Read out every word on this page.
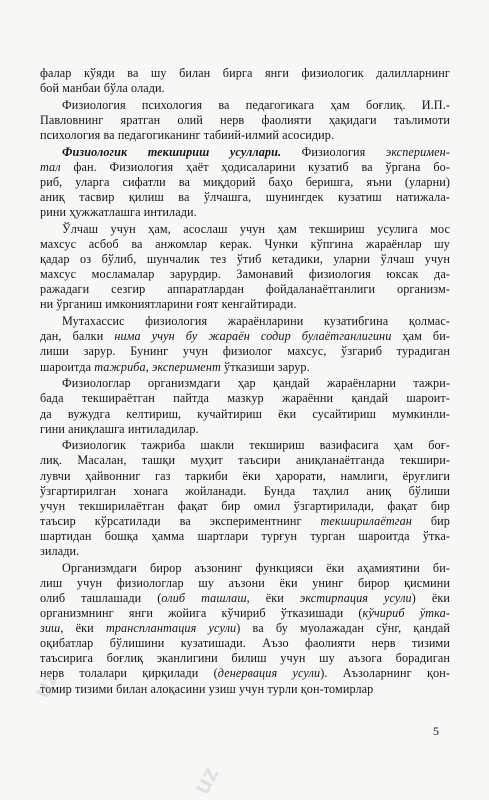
фалар кўяди ва шу билан бирга янги физиологик далилларнинг
бой манбаи бўла олади.
Физиология психология ва педагогикага ҳам боғлиқ. И.П.-
Павловнинг яратган олий нерв фаолияти ҳақидаги таълимоти
психология ва педагогиканинг табиий-илмий асосидир.
Физиологик текшириш усуллари. Физиология эксперимен-
тал фан. Физиология ҳаёт ҳодисаларини кузатиб ва ўргана бо-
риб, уларга сифатли ва миқдорий баҳо беришга, яъни (уларни)
аниқ тасвир қилиш ва ўлчашга, шунингдек кузатиш натижала-
рини ҳужжатлашга интилади.
Ўлчаш учун ҳам, асослаш учун ҳам текшириш усулига мос
махсус асбоб ва анжомлар керак. Чунки кўпгина жараёнлар шу
қадар оз бўлиб, шунчалик тез ўтиб кетадики, уларни ўлчаш учун
махсус мосламалар зарурдир. Замонавий физиология юксак да-
ражадаги сезгир аппаратлардан фойдаланаётганлиги организм-
ни ўрганиш имкониятларини ғоят кенгайтиради.
Мутахассис физиология жараёнларини кузатибгина қолмас-
дан, балки нима учун бу жараён содир булаётганлигини ҳам би-
лиши зарур. Бунинг учун физиолог махсус, ўзгариб турадиган
шароитда тажриба, эксперимент ўтказиши зарур.
Физиологлар организмдаги ҳар қандай жараёнларни тажри-
бада текшираётган пайтда мазкур жараённи қандай шароит-
да вужудга келтириш, кучайтириш ёки сусайтириш мумкинли-
гини аниқлашга интиладилар.
Физиологик тажриба шакли текшириш вазифасига ҳам боғ-
лиқ. Масалан, ташқи муҳит таъсири аниқланаётганда текшири-
лувчи ҳайвонниг газ таркиби ёки ҳарорати, намлиги, ёруғлиги
ўзгартирилган хонага жойланади. Бунда таҳлил аниқ бўлиши
учун текширилаётган фақат бир омил ўзгартирилади, фақат бир
таъсир кўрсатилади ва экспериментнинг текширилаётган бир
шартидан бошқа ҳамма шартлари турғун турган шароитда ўтка-
зилади.
Организмдаги бирор аъзонинг функцияси ёки аҳамиятини би-
лиш учун физиологлар шу аъзони ёки унинг бирор қисмини
олиб ташлашади (олиб ташлаш, ёки экстирпация усули) ёки
организмнинг янги жойига кўчириб ўтказишади (кўчириб ўтка-
зиш, ёки трансплантация усули) ва бу муолажадан сўнг, қандай
оқибатлар бўлишини кузатишади. Аъзо фаолияти нерв тизими
таъсирига боғлиқ эканлигини билиш учун шу аъзога борадиган
нерв толалари қирқилади (денервация усули). Аъзоларнинг қон-
томир тизими билан алоқасини узиш учун турли қон-томирлар
5
uz
uz
